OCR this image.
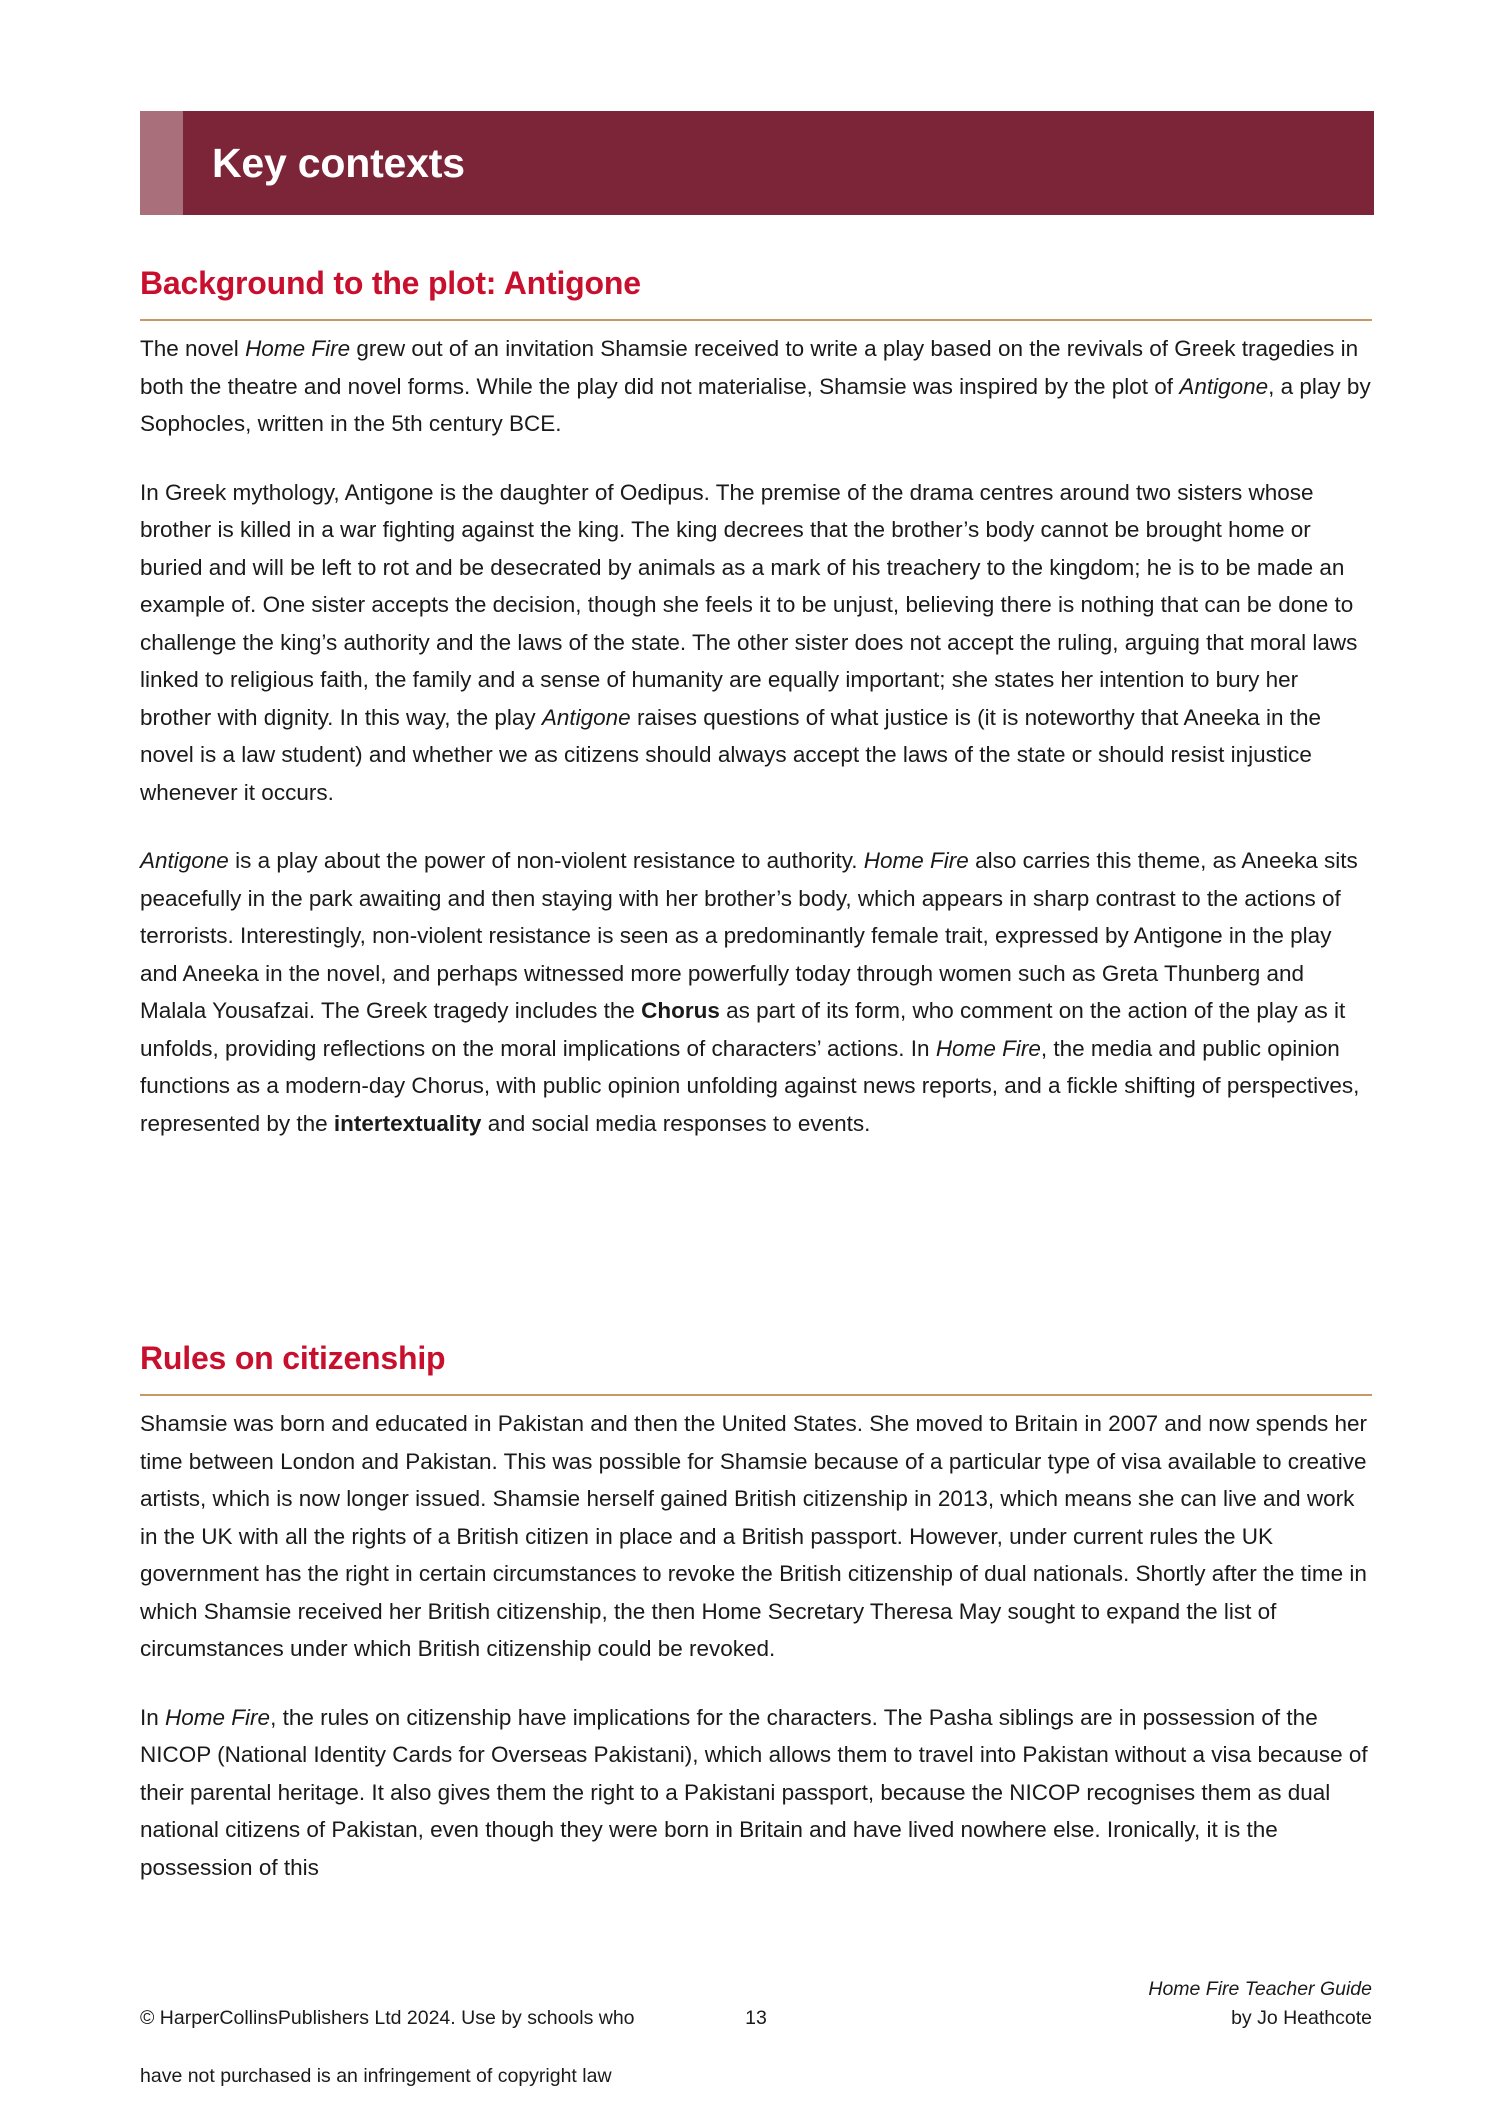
Key contexts
Background to the plot: Antigone

The novel Home Fire grew out of an invitation Shamsie received to write a play based on the revivals of Greek tragedies in both the theatre and novel forms. While the play did not materialise, Shamsie was inspired by the plot of Antigone, a play by Sophocles, written in the 5th century BCE.

In Greek mythology, Antigone is the daughter of Oedipus. The premise of the drama centres around two sisters whose brother is killed in a war fighting against the king. The king decrees that the brother’s body cannot be brought home or buried and will be left to rot and be desecrated by animals as a mark of his treachery to the kingdom; he is to be made an example of. One sister accepts the decision, though she feels it to be unjust, believing there is nothing that can be done to challenge the king’s authority and the laws of the state. The other sister does not accept the ruling, arguing that moral laws linked to religious faith, the family and a sense of humanity are equally important; she states her intention to bury her brother with dignity. In this way, the play Antigone raises questions of what justice is (it is noteworthy that Aneeka in the novel is a law student) and whether we as citizens should always accept the laws of the state or should resist injustice whenever it occurs.

Antigone is a play about the power of non-violent resistance to authority. Home Fire also carries this theme, as Aneeka sits peacefully in the park awaiting and then staying with her brother’s body, which appears in sharp contrast to the actions of terrorists. Interestingly, non-violent resistance is seen as a predominantly female trait, expressed by Antigone in the play and Aneeka in the novel, and perhaps witnessed more powerfully today through women such as Greta Thunberg and Malala Yousafzai. The Greek tragedy includes the Chorus as part of its form, who comment on the action of the play as it unfolds, providing reflections on the moral implications of characters’ actions. In Home Fire, the media and public opinion functions as a modern-day Chorus, with public opinion unfolding against news reports, and a fickle shifting of perspectives, represented by the intertextuality and social media responses to events.

Rules on citizenship

Shamsie was born and educated in Pakistan and then the United States. She moved to Britain in 2007 and now spends her time between London and Pakistan. This was possible for Shamsie because of a particular type of visa available to creative artists, which is now longer issued. Shamsie herself gained British citizenship in 2013, which means she can live and work in the UK with all the rights of a British citizen in place and a British passport. However, under current rules the UK government has the right in certain circumstances to revoke the British citizenship of dual nationals. Shortly after the time in which Shamsie received her British citizenship, the then Home Secretary Theresa May sought to expand the list of circumstances under which British citizenship could be revoked.

In Home Fire, the rules on citizenship have implications for the characters. The Pasha siblings are in possession of the NICOP (National Identity Cards for Overseas Pakistani), which allows them to travel into Pakistan without a visa because of their parental heritage. It also gives them the right to a Pakistani passport, because the NICOP recognises them as dual national citizens of Pakistan, even though they were born in Britain and have lived nowhere else. Ironically, it is the possession of this

© HarperCollinsPublishers Ltd 2024. Use by schools who

have not purchased is an infringement of copyright law

13
Home Fire Teacher Guide
by Jo Heathcote
